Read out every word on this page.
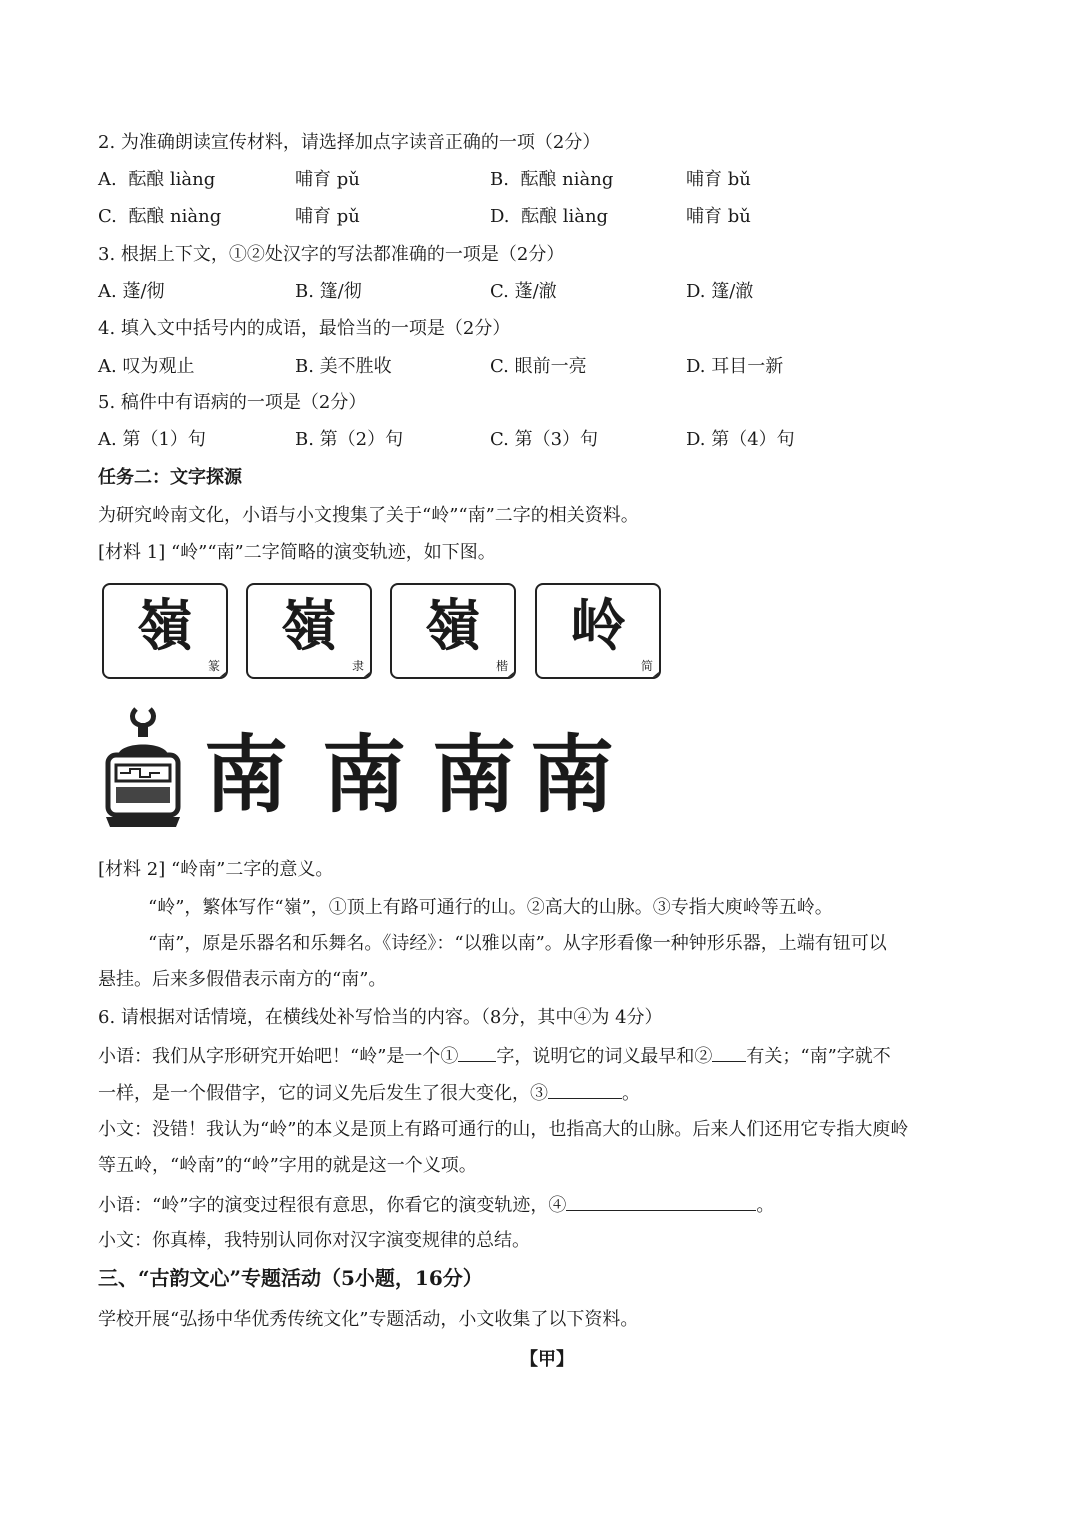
2. 为准确朗读宣传材料，请选择加点字读音正确的一项（2分）
A. 酝酿 liàng	哺育 pǔ	B. 酝酿 niàng	哺育 bǔ
C. 酝酿 niàng	哺育 pǔ	D. 酝酿 liàng	哺育 bǔ
3. 根据上下文，①②处汉字的写法都准确的一项是（2分）
A. 蓬/彻	B. 篷/彻	C. 蓬/澈	D. 篷/澈
4. 填入文中括号内的成语，最恰当的一项是（2分）
A. 叹为观止	B. 美不胜收	C. 眼前一亮	D. 耳目一新
5. 稿件中有语病的一项是（2分）
A. 第（1）句	B. 第（2）句	C. 第（3）句	D. 第（4）句
任务二：文字探源
为研究岭南文化，小语与小文搜集了关于“岭”“南”二字的相关资料。
[材料 1] “岭”“南”二字简略的演变轨迹，如下图。
嶺
篆
嶺
隶
嶺
楷
岭
简
南 南 南 南
[材料 2] “岭南”二字的意义。
“岭”，繁体写作“嶺”，①顶上有路可通行的山。②高大的山脉。③专指大庾岭等五岭。
“南”，原是乐器名和乐舞名。《诗经》：“以雅以南”。从字形看像一种钟形乐器，上端有钮可以
悬挂。后来多假借表示南方的“南”。
6. 请根据对话情境，在横线处补写恰当的内容。（8分，其中④为 4分）
小语：我们从字形研究开始吧！“岭”是一个① 字，说明它的词义最早和② 有关；“南”字就不
一样，是一个假借字，它的词义先后发生了很大变化，③	。
小文：没错！我认为“岭”的本义是顶上有路可通行的山，也指高大的山脉。后来人们还用它专指大庾岭
等五岭，“岭南”的“岭”字用的就是这一个义项。
小语：“岭”字的演变过程很有意思，你看它的演变轨迹，④	。
小文：你真棒，我特别认同你对汉字演变规律的总结。
三、“古韵文心”专题活动（5小题，16分）
学校开展“弘扬中华优秀传统文化”专题活动，小文收集了以下资料。
【甲】
